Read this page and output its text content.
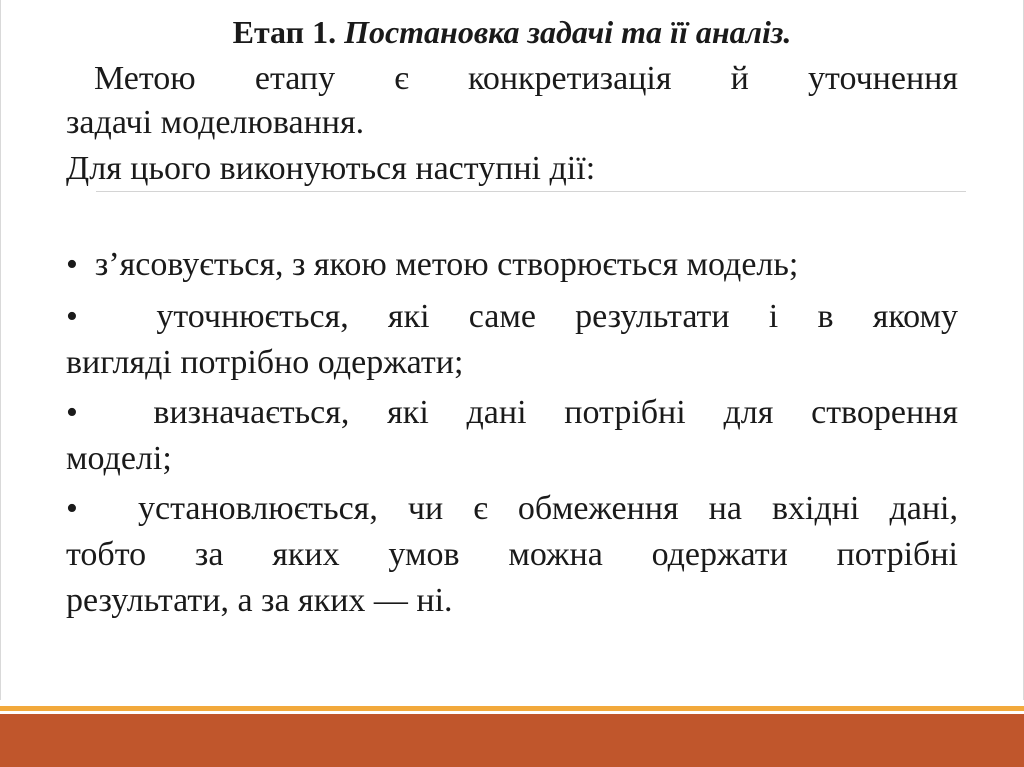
Етап 1. Постановка задачі та її аналіз.
Метою етапу є конкретизація й уточнення
задачі моделювання.
Для цього виконуються наступні дії:
• з’ясовується, з якою метою створюється модель;
• уточнюється, які саме результати і в якому
вигляді потрібно одержати;
• визначається, які дані потрібні для створення
моделі;
• установлюється, чи є обмеження на вхідні дані,
тобто за яких умов можна одержати потрібні
результати, а за яких — ні.
